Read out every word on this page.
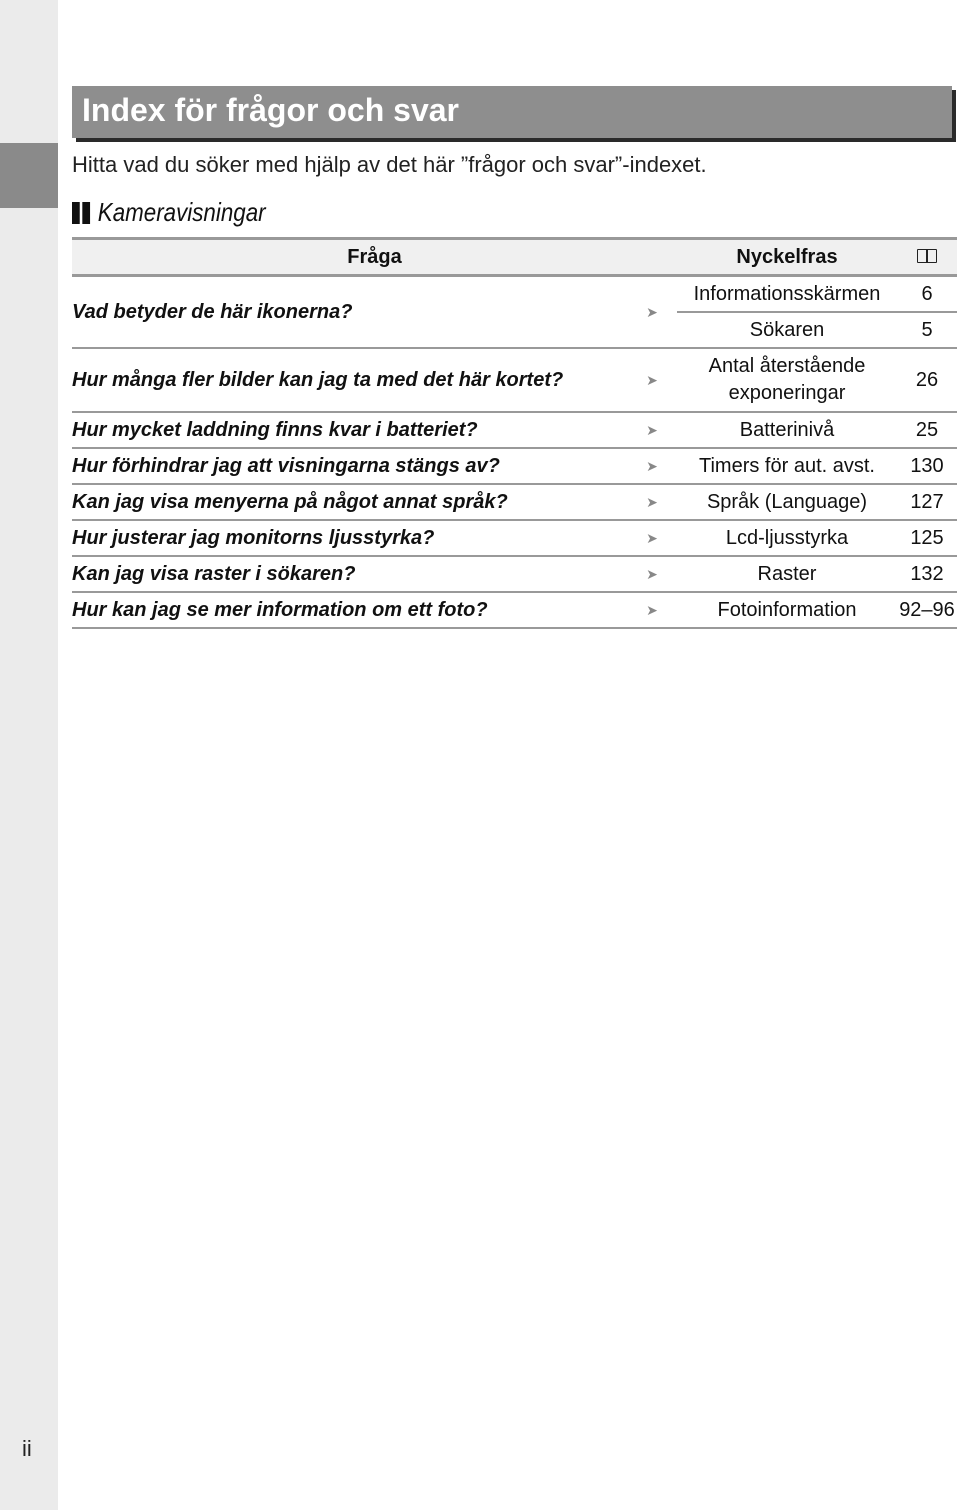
ii
Index för frågor och svar
Hitta vad du söker med hjälp av det här ”frågor och svar”-indexet.
Kameravisningar
Fråga		Nyckelfras	
Vad betyder de här ikonerna?	➤	Informationsskärmen	6
		Sökaren	5
Hur många fler bilder kan jag ta med det här kortet?	➤	Antal återstående exponeringar	26
Hur mycket laddning finns kvar i batteriet?	➤	Batterinivå	25
Hur förhindrar jag att visningarna stängs av?	➤	Timers för aut. avst.	130
Kan jag visa menyerna på något annat språk?	➤	Språk (Language)	127
Hur justerar jag monitorns ljusstyrka?	➤	Lcd-ljusstyrka	125
Kan jag visa raster i sökaren?	➤	Raster	132
Hur kan jag se mer information om ett foto?	➤	Fotoinformation	92–96
